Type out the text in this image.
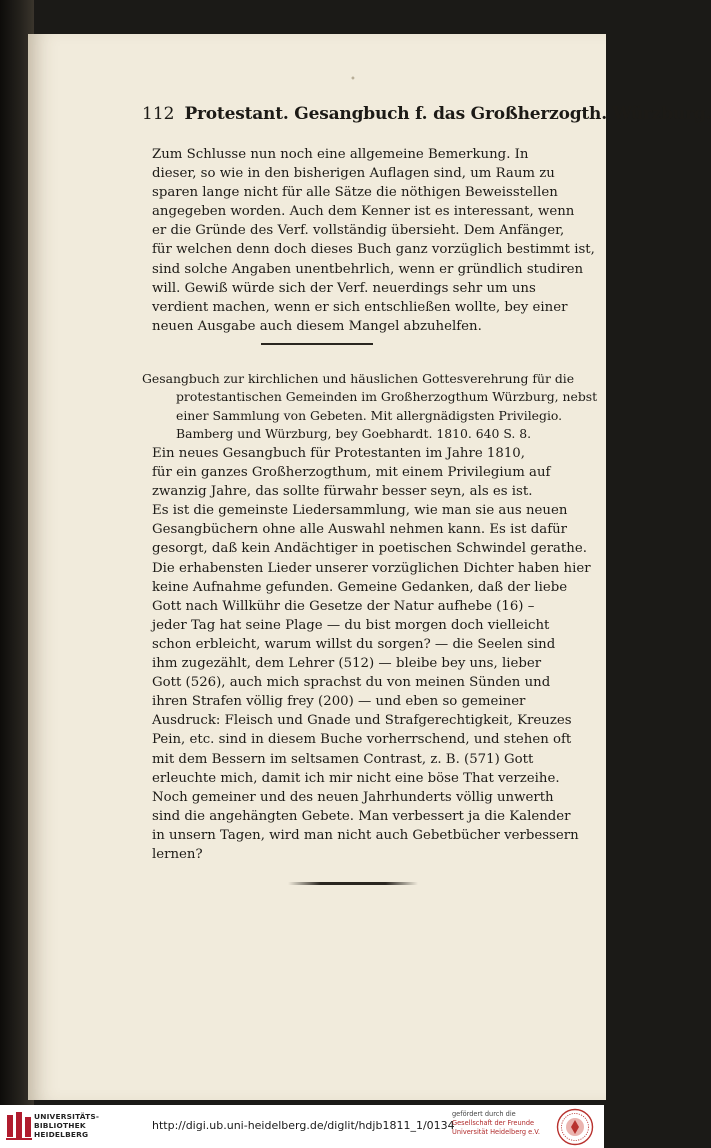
•
112 Protestant. Gesangbuch f. das Großherzogth. Würzburg.
Zum Schlusse nun noch eine allgemeine Bemerkung. In
dieser, so wie in den bisherigen Auflagen sind, um Raum zu
sparen lange nicht für alle Sätze die nöthigen Beweisstellen
angegeben worden. Auch dem Kenner ist es interessant, wenn
er die Gründe des Verf. vollständig übersieht. Dem Anfänger,
für welchen denn doch dieses Buch ganz vorzüglich bestimmt ist,
sind solche Angaben unentbehrlich, wenn er gründlich studiren
will. Gewiß würde sich der Verf. neuerdings sehr um uns
verdient machen, wenn er sich entschließen wollte, bey einer
neuen Ausgabe auch diesem Mangel abzuhelfen.
Gesangbuch zur kirchlichen und häuslichen Gottesverehrung für die
protestantischen Gemeinden im Großherzogthum Würzburg, nebst
einer Sammlung von Gebeten. Mit allergnädigsten Privilegio.
Bamberg und Würzburg, bey Goebhardt. 1810. 640 S. 8.
Ein neues Gesangbuch für Protestanten im Jahre 1810,
für ein ganzes Großherzogthum, mit einem Privilegium auf
zwanzig Jahre, das sollte fürwahr besser seyn, als es ist.
Es ist die gemeinste Liedersammlung, wie man sie aus neuen
Gesangbüchern ohne alle Auswahl nehmen kann. Es ist dafür
gesorgt, daß kein Andächtiger in poetischen Schwindel gerathe.
Die erhabensten Lieder unserer vorzüglichen Dichter haben hier
keine Aufnahme gefunden. Gemeine Gedanken, daß der liebe
Gott nach Willkühr die Gesetze der Natur aufhebe (16) –
jeder Tag hat seine Plage — du bist morgen doch vielleicht
schon erbleicht, warum willst du sorgen? — die Seelen sind
ihm zugezählt, dem Lehrer (512) — bleibe bey uns, lieber
Gott (526), auch mich sprachst du von meinen Sünden und
ihren Strafen völlig frey (200) — und eben so gemeiner
Ausdruck: Fleisch und Gnade und Strafgerechtigkeit, Kreuzes
Pein, etc. sind in diesem Buche vorherrschend, und stehen oft
mit dem Bessern im seltsamen Contrast, z. B. (571) Gott
erleuchte mich, damit ich mir nicht eine böse That verzeihe.
Noch gemeiner und des neuen Jahrhunderts völlig unwerth
sind die angehängten Gebete. Man verbessert ja die Kalender
in unsern Tagen, wird man nicht auch Gebetbücher verbessern
lernen?
UNIVERSITÄTS-
BIBLIOTHEK
HEIDELBERG
http://digi.ub.uni-heidelberg.de/diglit/hdjb1811_1/0134
gefördert durch die
Gesellschaft der Freunde
Universität Heidelberg e.V.
